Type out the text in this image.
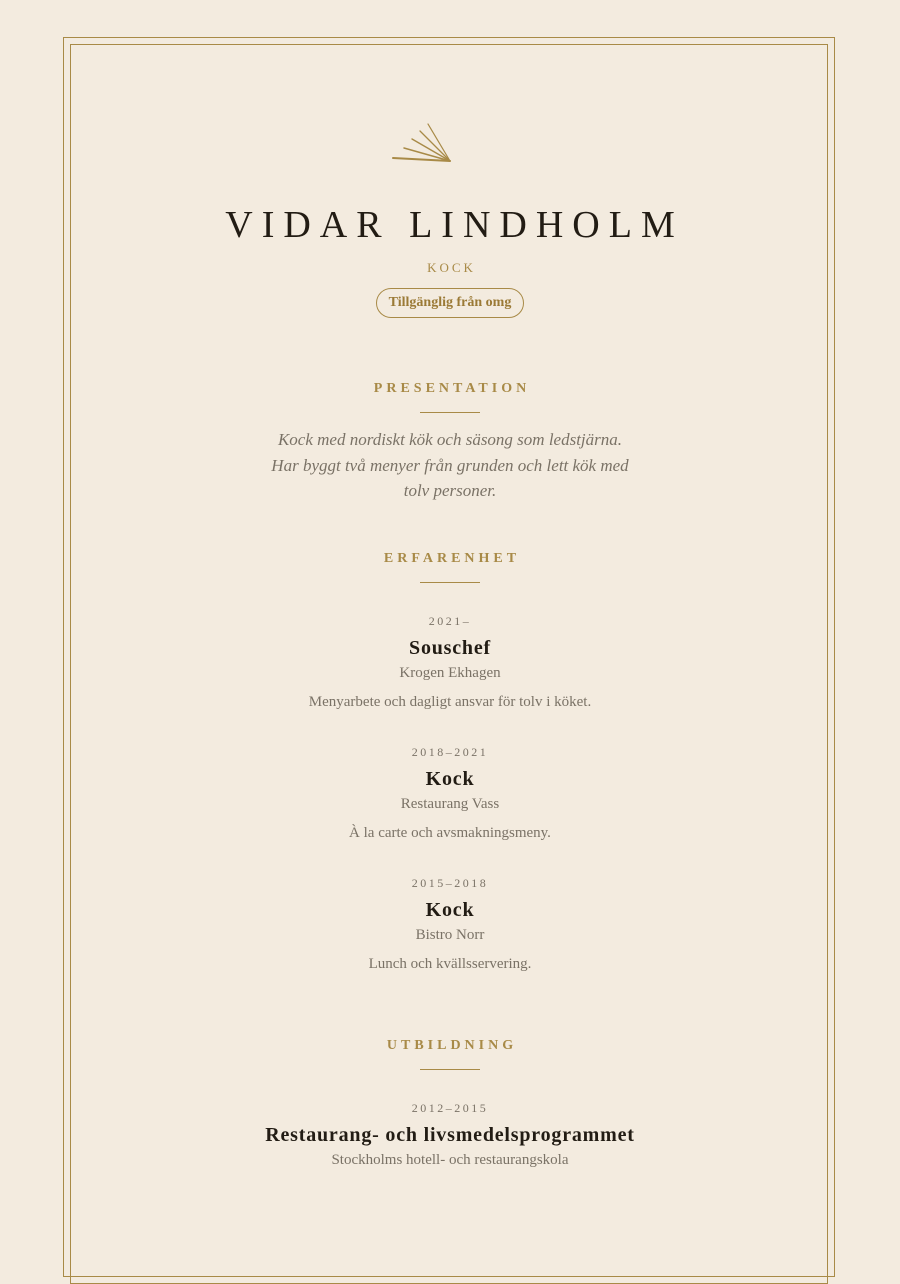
VIDAR LINDHOLM
KOCK
Tillgänglig från omg
PRESENTATION
Kock med nordiskt kök och säsong som ledstjärna. Har byggt två menyer från grunden och lett kök med tolv personer.
ERFARENHET
2021–
Souschef
Krogen Ekhagen
Menyarbete och dagligt ansvar för tolv i köket.
2018–2021
Kock
Restaurang Vass
À la carte och avsmakningsmeny.
2015–2018
Kock
Bistro Norr
Lunch och kvällsservering.
UTBILDNING
2012–2015
Restaurang- och livsmedelsprogrammet
Stockholms hotell- och restaurangskola
